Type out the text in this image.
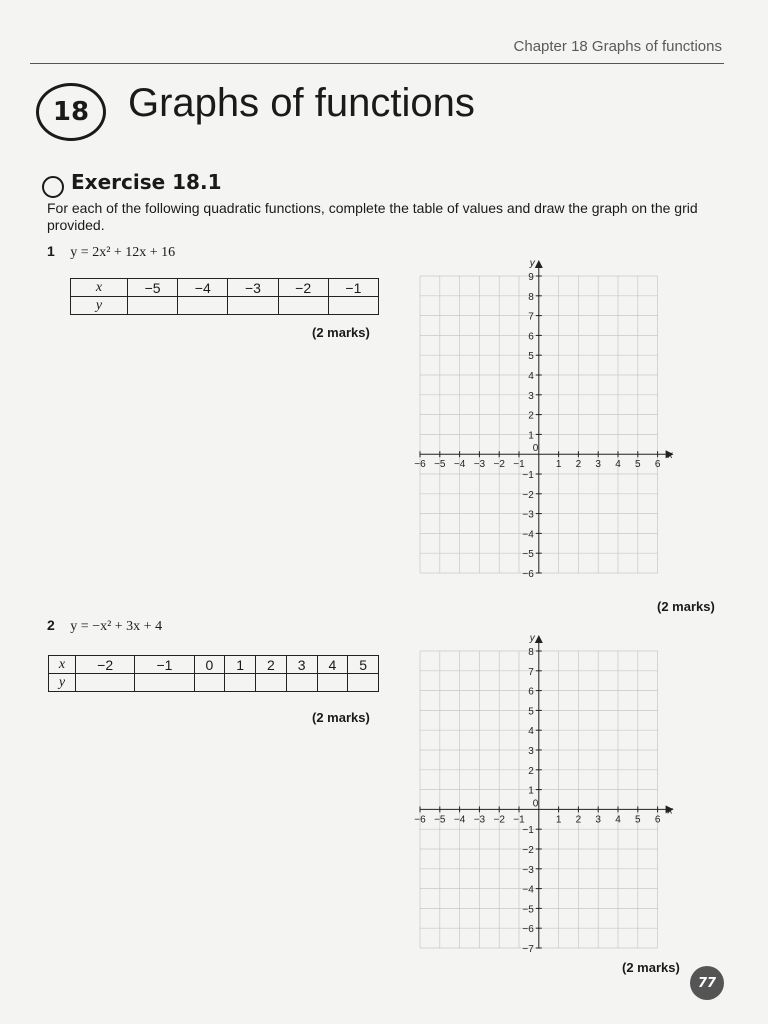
Chapter 18 Graphs of functions
18 Graphs of functions
Exercise 18.1
For each of the following quadratic functions, complete the table of values and draw the graph on the grid provided.
1 y = 2x² + 12x + 16
x	−5	−4	−3	−2	−1
y					
(2 marks)
x
y
0
−6 −5 −4 −3 −2 −1	1 2 3 4 5 6
9
8
7
6
5
4
3
2
1
−1
−2
−3
−4
−5
−6
(2 marks)
2 y = −x² + 3x + 4
x	−2	−1	0	1	2	3	4	5
y								
(2 marks)
x
y
0
−6 −5 −4 −3 −2 −1	1 2 3 4 5 6
8
7
6
5
4
3
2
1
−1
−2
−3
−4
−5
−6
−7
(2 marks)
77
